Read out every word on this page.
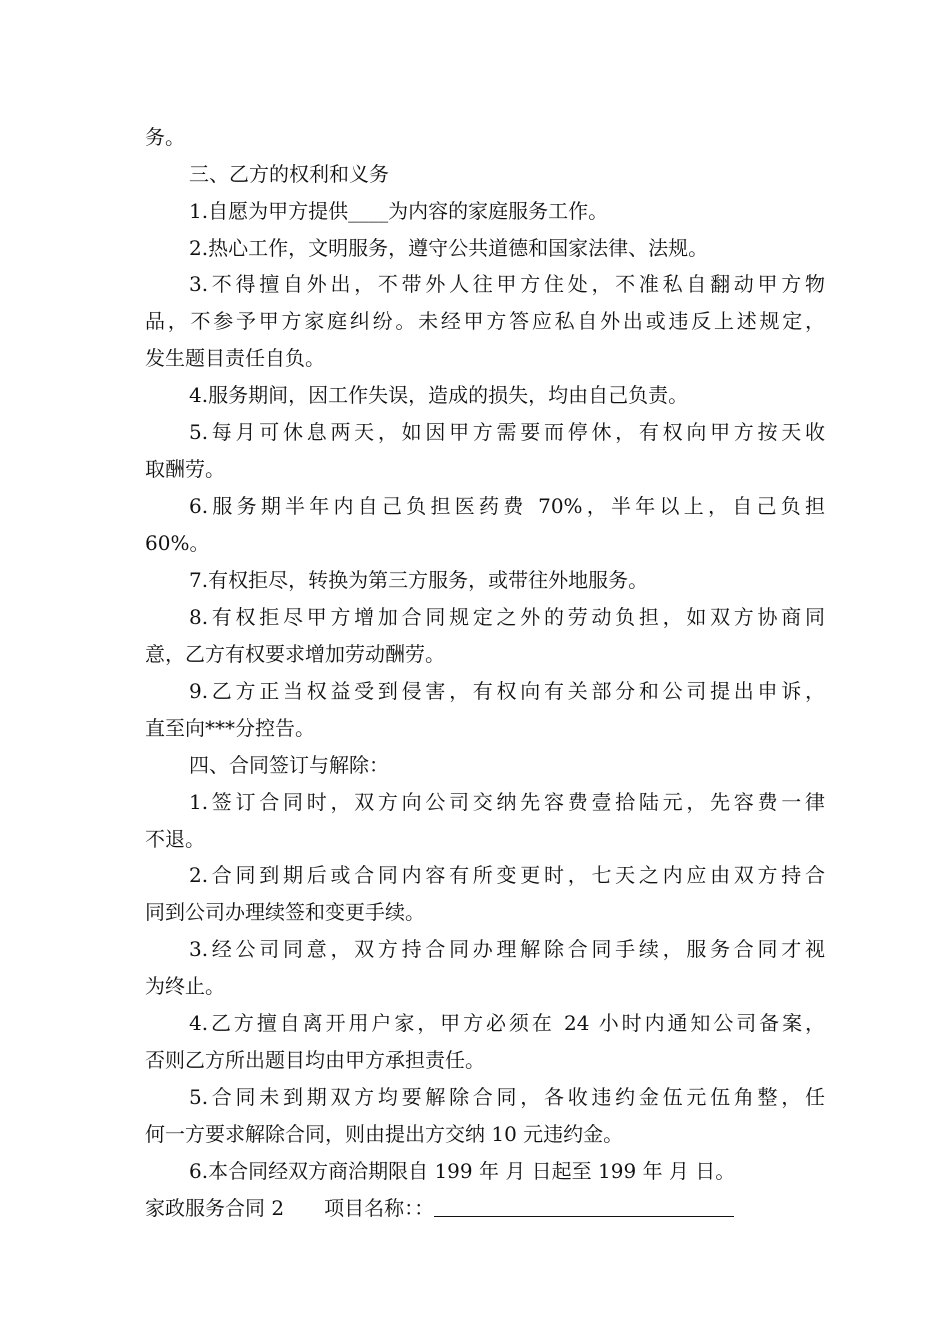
务。
三、乙方的权利和义务
1.自愿为甲方提供____为内容的家庭服务工作。
2.热心工作，文明服务，遵守公共道德和国家法律、法规。
3.不得擅自外出，不带外人往甲方住处，不准私自翻动甲方物
品，不参予甲方家庭纠纷。未经甲方答应私自外出或违反上述规定，
发生题目责任自负。
4.服务期间，因工作失误，造成的损失，均由自己负责。
5.每月可休息两天，如因甲方需要而停休，有权向甲方按天收
取酬劳。
6.服务期半年内自己负担医药费 70%，半年以上，自己负担
60%。
7.有权拒尽，转换为第三方服务，或带往外地服务。
8.有权拒尽甲方增加合同规定之外的劳动负担，如双方协商同
意，乙方有权要求增加劳动酬劳。
9.乙方正当权益受到侵害，有权向有关部分和公司提出申诉，
直至向***分控告。
四、合同签订与解除：
1.签订合同时，双方向公司交纳先容费壹拾陆元，先容费一律
不退。
2.合同到期后或合同内容有所变更时，七天之内应由双方持合
同到公司办理续签和变更手续。
3.经公司同意，双方持合同办理解除合同手续，服务合同才视
为终止。
4.乙方擅自离开用户家，甲方必须在 24 小时内通知公司备案，
否则乙方所出题目均由甲方承担责任。
5.合同未到期双方均要解除合同，各收违约金伍元伍角整，任
何一方要求解除合同，则由提出方交纳 10 元违约金。
6.本合同经双方商洽期限自 199 年 月 日起至 199 年 月 日。
家政服务合同 2 项目名称：：
